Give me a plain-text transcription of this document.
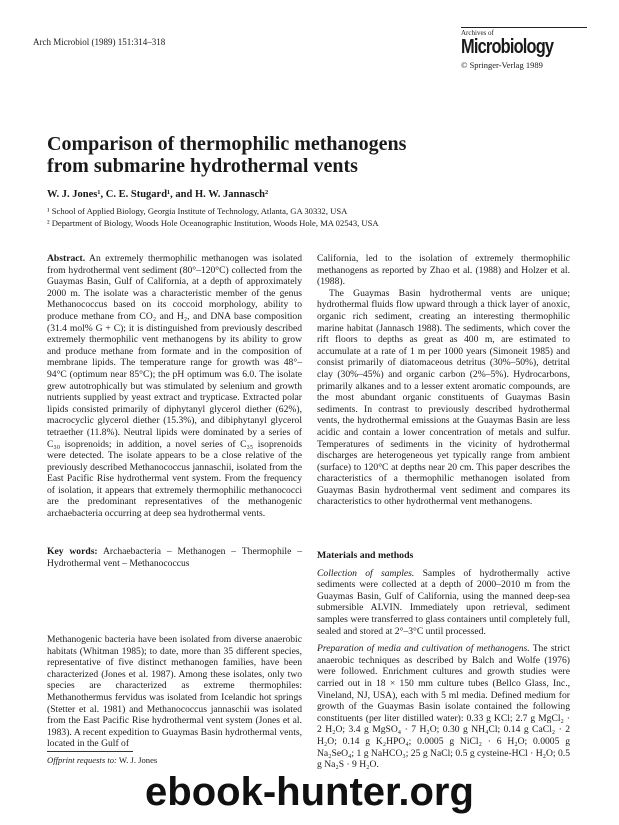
Arch Microbiol (1989) 151:314–318
Archives of
Microbiology
© Springer-Verlag 1989
Comparison of thermophilic methanogens
from submarine hydrothermal vents
W. J. Jones¹, C. E. Stugard¹, and H. W. Jannasch²
¹ School of Applied Biology, Georgia Institute of Technology, Atlanta, GA 30332, USA
² Department of Biology, Woods Hole Oceanographic Institution, Woods Hole, MA 02543, USA

Abstract. An extremely thermophilic methanogen was isolated from hydrothermal vent sediment (80°–120°C) collected from the Guaymas Basin, Gulf of California, at a depth of approximately 2000 m. The isolate was a characteristic member of the genus Methanococcus based on its coccoid morphology, ability to produce methane from CO₂ and H₂, and DNA base composition (31.4 mol% G + C); it is distinguished from previously described extremely thermophilic vent methanogens by its ability to grow and produce methane from formate and in the composition of membrane lipids. The temperature range for growth was 48°–94°C (optimum near 85°C); the pH optimum was 6.0. The isolate grew autotrophically but was stimulated by selenium and growth nutrients supplied by yeast extract and trypticase. Extracted polar lipids consisted primarily of diphytanyl glycerol diether (62%), macrocyclic glycerol diether (15.3%), and dibiphytanyl glycerol tetraether (11.8%). Neutral lipids were dominated by a series of C₃₀ isoprenoids; in addition, a novel series of C₃₅ isoprenoids were detected. The isolate appears to be a close relative of the previously described Methanococcus jannaschii, isolated from the East Pacific Rise hydrothermal vent system. From the frequency of isolation, it appears that extremely thermophilic methanococci are the predominant representatives of the methanogenic archaebacteria occurring at deep sea hydrothermal vents.

Key words: Archaebacteria – Methanogen – Thermophile – Hydrothermal vent – Methanococcus

Methanogenic bacteria have been isolated from diverse anaerobic habitats (Whitman 1985); to date, more than 35 different species, representative of five distinct methanogen families, have been characterized (Jones et al. 1987). Among these isolates, only two species are characterized as extreme thermophiles: Methanothermus fervidus was isolated from Icelandic hot springs (Stetter et al. 1981) and Methanococcus jannaschii was isolated from the East Pacific Rise hydrothermal vent system (Jones et al. 1983). A recent expedition to Guaymas Basin hydrothermal vents, located in the Gulf of

Offprint requests to: W. J. Jones

California, led to the isolation of extremely thermophilic methanogens as reported by Zhao et al. (1988) and Holzer et al. (1988).

The Guaymas Basin hydrothermal vents are unique; hydrothermal fluids flow upward through a thick layer of anoxic, organic rich sediment, creating an interesting thermophilic marine habitat (Jannasch 1988). The sediments, which cover the rift floors to depths as great as 400 m, are estimated to accumulate at a rate of 1 m per 1000 years (Simoneit 1985) and consist primarily of diatomaceous detritus (30%–50%), detrital clay (30%–45%) and organic carbon (2%–5%). Hydrocarbons, primarily alkanes and to a lesser extent aromatic compounds, are the most abundant organic constituents of Guaymas Basin sediments. In contrast to previously described hydrothermal vents, the hydrothermal emissions at the Guaymas Basin are less acidic and contain a lower concentration of metals and sulfur. Temperatures of sediments in the vicinity of hydrothermal discharges are heterogeneous yet typically range from ambient (surface) to 120°C at depths near 20 cm. This paper describes the characteristics of a thermophilic methanogen isolated from Guaymas Basin hydrothermal vent sediment and compares its characteristics to other hydrothermal vent methanogens.

Materials and methods

Collection of samples. Samples of hydrothermally active sediments were collected at a depth of 2000–2010 m from the Guaymas Basin, Gulf of California, using the manned deep-sea submersible ALVIN. Immediately upon retrieval, sediment samples were transferred to glass containers until completely full, sealed and stored at 2°–3°C until processed.

Preparation of media and cultivation of methanogens. The strict anaerobic techniques as described by Balch and Wolfe (1976) were followed. Enrichment cultures and growth studies were carried out in 18 × 150 mm culture tubes (Bellco Glass, Inc., Vineland, NJ, USA), each with 5 ml media. Defined medium for growth of the Guaymas Basin isolate contained the following constituents (per liter distilled water): 0.33 g KCl; 2.7 g MgCl₂ · 2 H₂O; 3.4 g MgSO₄ · 7 H₂O; 0.30 g NH₄Cl; 0.14 g CaCl₂ · 2 H₂O; 0.14 g K₂HPO₄; 0.0005 g NiCl₂ · 6 H₂O; 0.0005 g Na₂SeO₄; 1 g NaHCO₃; 25 g NaCl; 0.5 g cysteine-HCl · H₂O; 0.5 g Na₂S · 9 H₂O.

ebook-hunter.org
